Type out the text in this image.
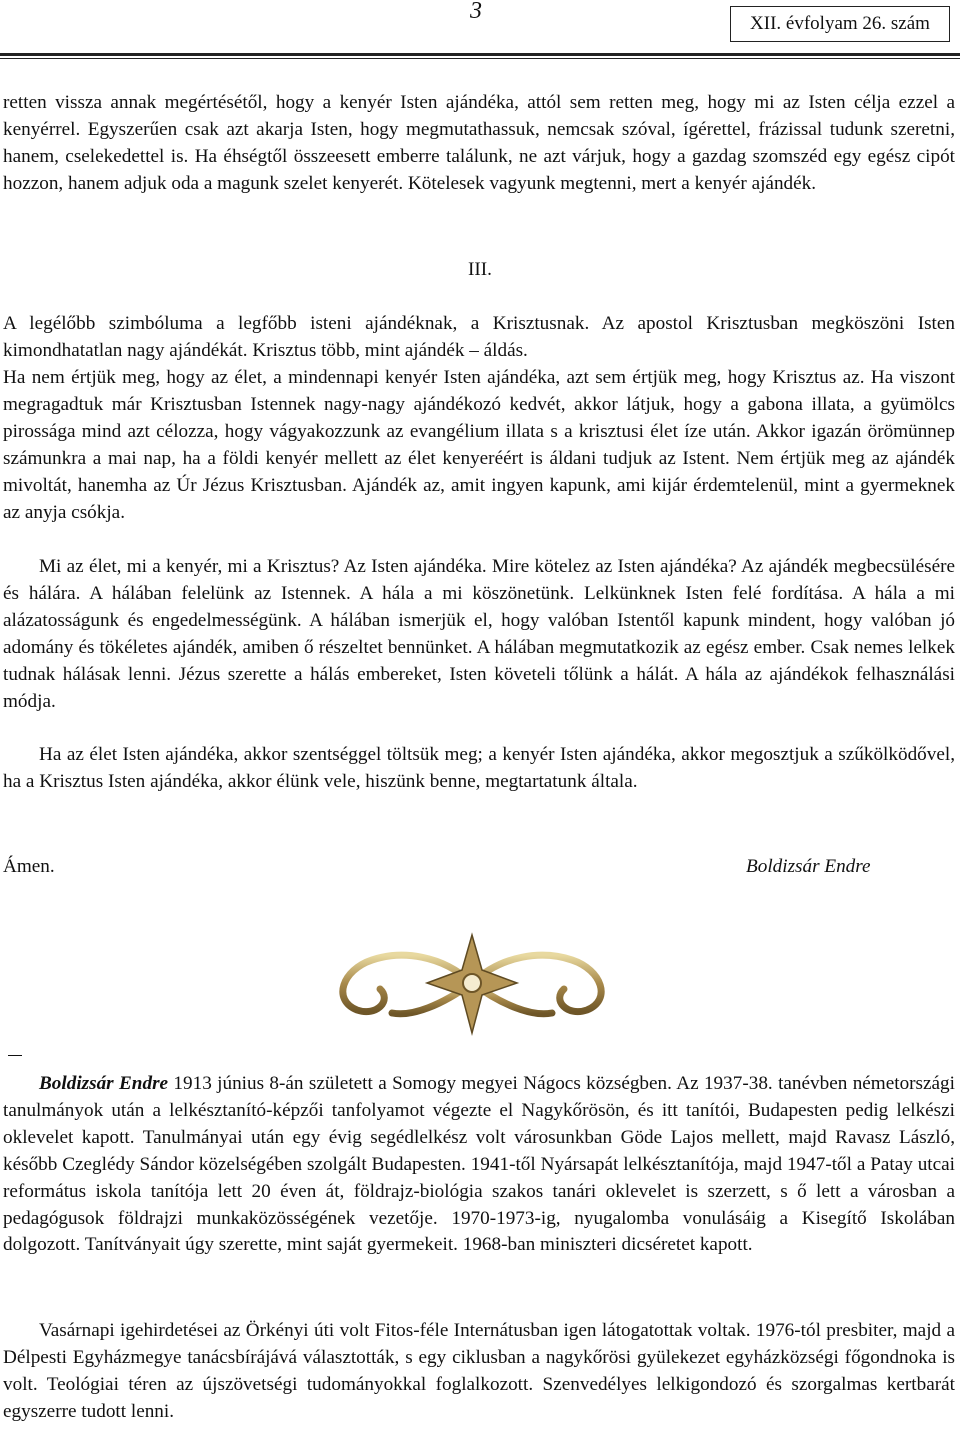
3	XII. évfolyam 26. szám

retten vissza annak megértésétől, hogy a kenyér Isten ajándéka, attól sem retten meg, hogy mi az Isten célja ezzel a kenyérrel. Egyszerűen csak azt akarja Isten, hogy megmutathassuk, nemcsak szóval, ígérettel, frázissal tudunk szeretni, hanem, cselekedettel is. Ha éhségtől összeesett emberre találunk, ne azt várjuk, hogy a gazdag szomszéd egy egész cipót hozzon, hanem adjuk oda a magunk szelet kenyerét. Kötelesek vagyunk megtenni, mert a kenyér ajándék.

III.

A legélőbb szimbóluma a legfőbb isteni ajándéknak, a Krisztusnak. Az apostol Krisztusban megköszöni Isten kimondhatatlan nagy ajándékát. Krisztus több, mint ajándék – áldás.

Ha nem értjük meg, hogy az élet, a mindennapi kenyér Isten ajándéka, azt sem értjük meg, hogy Krisztus az. Ha viszont megragadtuk már Krisztusban Istennek nagy-nagy ajándékozó kedvét, akkor látjuk, hogy a gabona illata, a gyümölcs pirossága mind azt célozza, hogy vágyakozzunk az evangélium illata s a krisztusi élet íze után. Akkor igazán örömünnep számunkra a mai nap, ha a földi kenyér mellett az élet kenyeréért is áldani tudjuk az Istent. Nem értjük meg az ajándék mivoltát, hanemha az Úr Jézus Krisztusban. Ajándék az, amit ingyen kapunk, ami kijár érdemtelenül, mint a gyermeknek az anyja csókja.

Mi az élet, mi a kenyér, mi a Krisztus? Az Isten ajándéka. Mire kötelez az Isten ajándéka? Az ajándék megbecsülésére és hálára. A hálában felelünk az Istennek. A hála a mi köszönetünk. Lelkünknek Isten felé fordítása. A hála a mi alázatosságunk és engedelmességünk. A hálában ismerjük el, hogy valóban Istentől kapunk mindent, hogy valóban jó adomány és tökéletes ajándék, amiben ő részeltet bennünket. A hálában megmutatkozik az egész ember. Csak nemes lelkek tudnak hálásak lenni. Jézus szerette a hálás embereket, Isten követeli tőlünk a hálát. A hála az ajándékok felhasználási módja.

Ha az élet Isten ajándéka, akkor szentséggel töltsük meg; a kenyér Isten ajándéka, akkor megosztjuk a szűkölködővel, ha a Krisztus Isten ajándéka, akkor élünk vele, hiszünk benne, megtartatunk általa.

Ámen.	Boldizsár Endre

Boldizsár Endre 1913 június 8-án született a Somogy megyei Nágocs községben. Az 1937-38. tanévben németországi tanulmányok után a lelkésztanító-képzői tanfolyamot végezte el Nagykőrösön, és itt tanítói, Budapesten pedig lelkészi oklevelet kapott. Tanulmányai után egy évig segédlelkész volt városunkban Göde Lajos mellett, majd Ravasz László, később Czeglédy Sándor közelségében szolgált Budapesten. 1941-től Nyársapát lelkésztanítója, majd 1947-től a Patay utcai református iskola tanítója lett 20 éven át, földrajz-biológia szakos tanári oklevelet is szerzett, s ő lett a városban a pedagógusok földrajzi munkaközösségének vezetője. 1970-1973-ig, nyugalomba vonulásáig a Kisegítő Iskolában dolgozott. Tanítványait úgy szerette, mint saját gyermekeit. 1968-ban miniszteri dicséretet kapott.

Vasárnapi igehirdetései az Örkényi úti volt Fitos-féle Internátusban igen látogatottak voltak. 1976-tól presbiter, majd a Délpesti Egyházmegye tanácsbírájává választották, s egy ciklusban a nagykőrösi gyülekezet egyházközségi főgondnoka is volt. Teológiai téren az újszövetségi tudományokkal foglalkozott. Szenvedélyes lelkigondozó és szorgalmas kertbarát egyszerre tudott lenni.
